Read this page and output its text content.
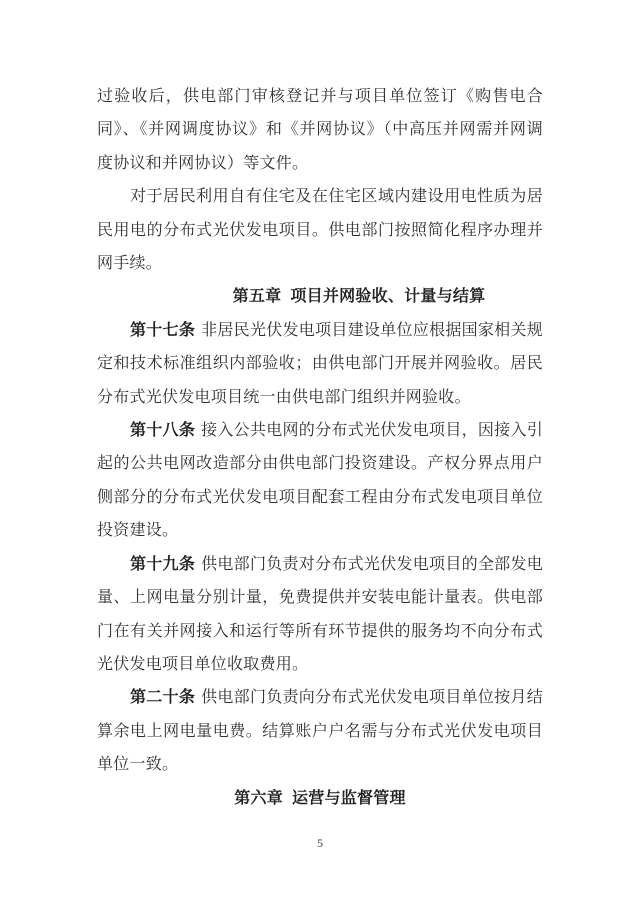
过验收后，供电部门审核登记并与项目单位签订《购售电合同》、《并网调度协议》和《并网协议》（中高压并网需并网调度协议和并网协议）等文件。

对于居民利用自有住宅及在住宅区域内建设用电性质为居民用电的分布式光伏发电项目。供电部门按照简化程序办理并网手续。

第五章 项目并网验收、计量与结算

第十七条 非居民光伏发电项目建设单位应根据国家相关规定和技术标准组织内部验收；由供电部门开展并网验收。居民分布式光伏发电项目统一由供电部门组织并网验收。

第十八条 接入公共电网的分布式光伏发电项目，因接入引起的公共电网改造部分由供电部门投资建设。产权分界点用户侧部分的分布式光伏发电项目配套工程由分布式发电项目单位投资建设。

第十九条 供电部门负责对分布式光伏发电项目的全部发电量、上网电量分别计量，免费提供并安装电能计量表。供电部门在有关并网接入和运行等所有环节提供的服务均不向分布式光伏发电项目单位收取费用。

第二十条 供电部门负责向分布式光伏发电项目单位按月结算余电上网电量电费。结算账户户名需与分布式光伏发电项目单位一致。

第六章 运营与监督管理

5
